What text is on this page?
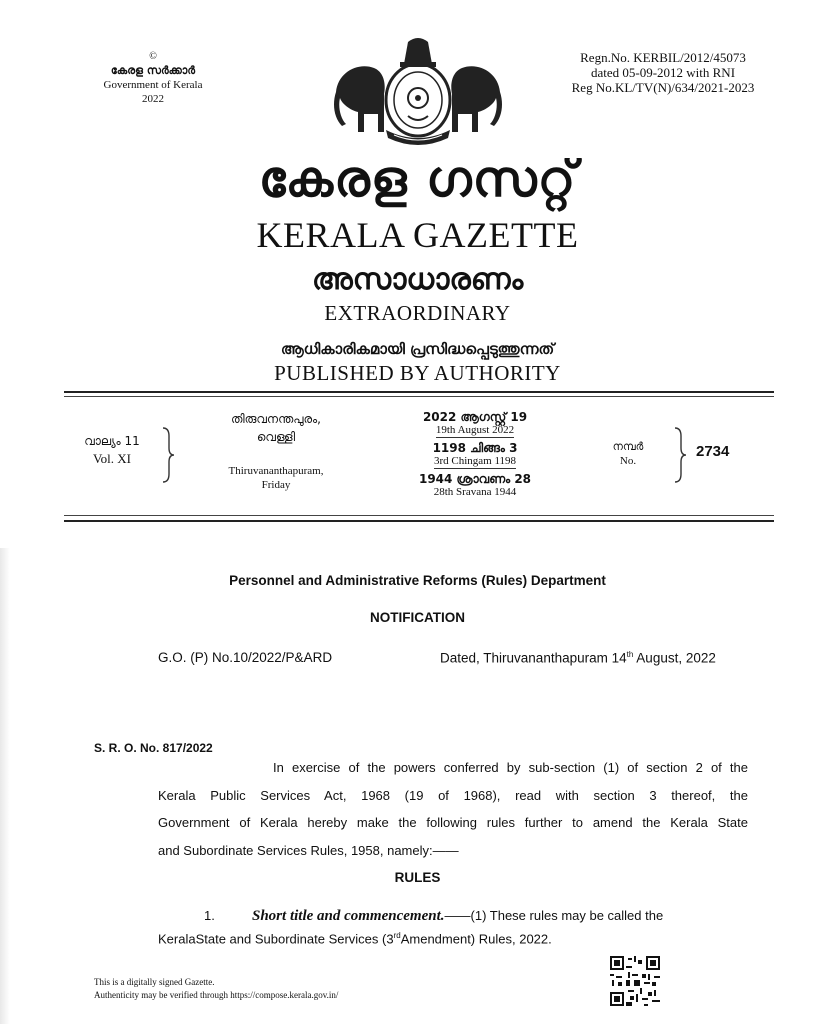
©
കേരള സർക്കാർ
Government of Kerala
2022
Regn.No. KERBIL/2012/45073
dated 05-09-2012 with RNI
Reg No.KL/TV(N)/634/2021-2023
കേരള ഗസറ്റ്
KERALA GAZETTE
അസാധാരണം
EXTRAORDINARY
ആധികാരികമായി പ്രസിദ്ധപ്പെടുത്തുന്നത്
PUBLISHED BY AUTHORITY
വാല്യം 11
Vol. XI
തിരുവനന്തപുരം,
വെള്ളി
Thiruvananthapuram,
Friday
2022 ആഗസ്റ്റ് 19
19th August 2022
1198 ചിങ്ങം 3
3rd Chingam 1198
1944 ശ്രാവണം 28
28th Sravana 1944
നമ്പർ
No.
2734
Personnel and Administrative Reforms (Rules) Department
NOTIFICATION
G.O. (P) No.10/2022/P&ARD	Dated, Thiruvananthapuram 14th August, 2022
S. R. O. No. 817/2022
In exercise of the powers conferred by sub-section (1) of section 2 of the
Kerala Public Services Act, 1968 (19 of 1968), read with section 3 thereof, the
Government of Kerala hereby make the following rules further to amend the Kerala State
and Subordinate Services Rules, 1958, namely:——
RULES
1. Short title and commencement.——(1) These rules may be called the
KeralaState and Subordinate Services (3rdAmendment) Rules, 2022.
This is a digitally signed Gazette.
Authenticity may be verified through https://compose.kerala.gov.in/
